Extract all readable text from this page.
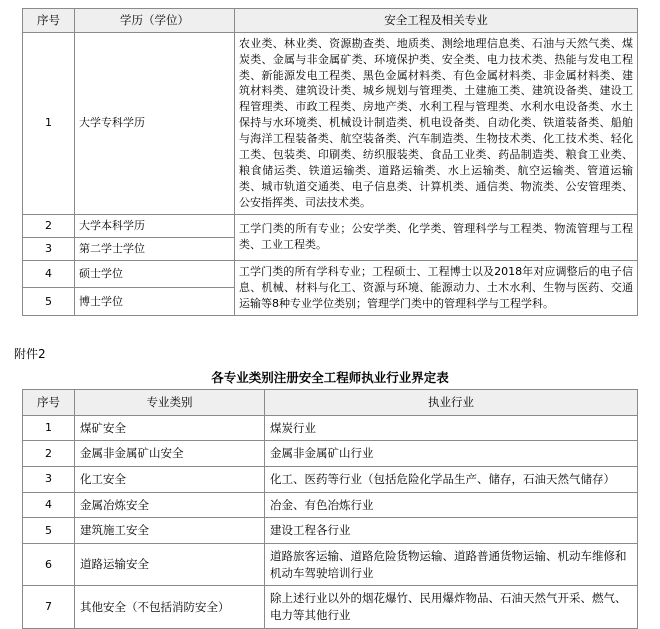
序号	学历（学位）	安全工程及相关专业
1	大学专科学历	农业类、林业类、资源勘查类、地质类、测绘地理信息类、石油与天然气类、煤炭类、金属与非金属矿类、环境保护类、安全类、电力技术类、热能与发电工程类、新能源发电工程类、黑色金属材料类、有色金属材料类、非金属材料类、建筑材料类、建筑设计类、城乡规划与管理类、土建施工类、建筑设备类、建设工程管理类、市政工程类、房地产类、水利工程与管理类、水利水电设备类、水土保持与水环境类、机械设计制造类、机电设备类、自动化类、铁道装备类、船舶与海洋工程装备类、航空装备类、汽车制造类、生物技术类、化工技术类、轻化工类、包装类、印刷类、纺织服装类、食品工业类、药品制造类、粮食工业类、粮食储运类、铁道运输类、道路运输类、水上运输类、航空运输类、管道运输类、城市轨道交通类、电子信息类、计算机类、通信类、物流类、公安管理类、公安指挥类、司法技术类。
2	大学本科学历	工学门类的所有专业；公安学类、化学类、管理科学与工程类、物流管理与工程类、工业工程类。
3	第二学士学位	
4	硕士学位	工学门类的所有学科专业；工程硕士、工程博士以及2018年对应调整后的电子信息、机械、材料与化工、资源与环境、能源动力、土木水利、生物与医药、交通运输等8种专业学位类别；管理学门类中的管理科学与工程学科。
5	博士学位	
附件2
各专业类别注册安全工程师执业行业界定表
序号	专业类别	执业行业
1	煤矿安全	煤炭行业
2	金属非金属矿山安全	金属非金属矿山行业
3	化工安全	化工、医药等行业（包括危险化学品生产、储存，石油天然气储存）
4	金属冶炼安全	冶金、有色冶炼行业
5	建筑施工安全	建设工程各行业
6	道路运输安全	道路旅客运输、道路危险货物运输、道路普通货物运输、机动车维修和机动车驾驶培训行业
7	其他安全（不包括消防安全）	除上述行业以外的烟花爆竹、民用爆炸物品、石油天然气开采、燃气、电力等其他行业
